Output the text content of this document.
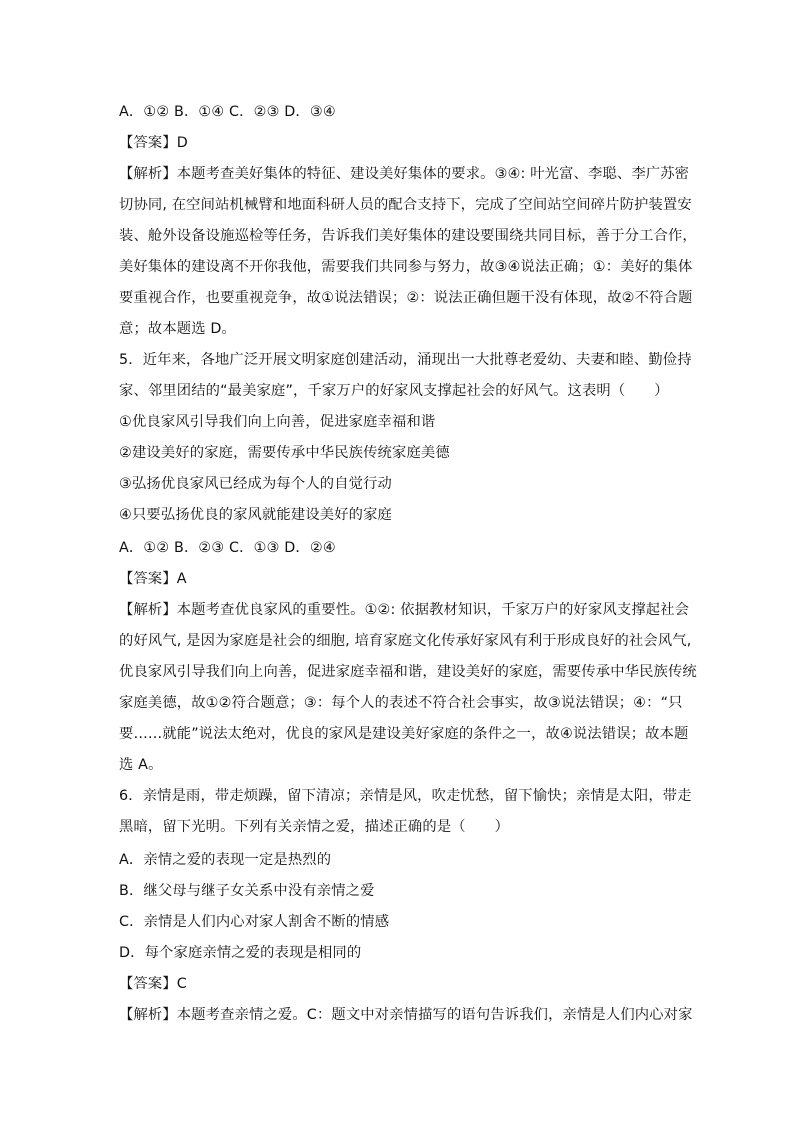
A．①② B．①④ C．②③ D．③④
【答案】D
【解析】本题考查美好集体的特征、建设美好集体的要求。③④: 叶光富、李聪、李广苏密
切协同, 在空间站机械臂和地面科研人员的配合支持下，完成了空间站空间碎片防护装置安
装、舱外设备设施巡检等任务，告诉我们美好集体的建设要围绕共同目标，善于分工合作，
美好集体的建设离不开你我他，需要我们共同参与努力，故③④说法正确；①：美好的集体
要重视合作，也要重视竞争，故①说法错误；②：说法正确但题干没有体现，故②不符合题
意；故本题选 D。
5．近年来，各地广泛开展文明家庭创建活动，涌现出一大批尊老爱幼、夫妻和睦、勤俭持
家、邻里团结的“最美家庭”，千家万户的好家风支撑起社会的好风气。这表明（　　）
①优良家风引导我们向上向善，促进家庭幸福和谐
②建设美好的家庭，需要传承中华民族传统家庭美德
③弘扬优良家风已经成为每个人的自觉行动
④只要弘扬优良的家风就能建设美好的家庭
A．①② B．②③ C．①③ D．②④
【答案】A
【解析】本题考查优良家风的重要性。①②: 依据教材知识，千家万户的好家风支撑起社会
的好风气, 是因为家庭是社会的细胞, 培育家庭文化传承好家风有利于形成良好的社会风气,
优良家风引导我们向上向善，促进家庭幸福和谐，建设美好的家庭，需要传承中华民族传统
家庭美德，故①②符合题意；③：每个人的表述不符合社会事实，故③说法错误；④：“只
要……就能”说法太绝对，优良的家风是建设美好家庭的条件之一，故④说法错误；故本题
选 A。
6．亲情是雨，带走烦躁，留下清凉；亲情是风，吹走忧愁，留下愉快；亲情是太阳，带走
黑暗，留下光明。下列有关亲情之爱，描述正确的是（　　）
A．亲情之爱的表现一定是热烈的
B．继父母与继子女关系中没有亲情之爱
C．亲情是人们内心对家人割舍不断的情感
D．每个家庭亲情之爱的表现是相同的
【答案】C
【解析】本题考查亲情之爱。C：题文中对亲情描写的语句告诉我们，亲情是人们内心对家
